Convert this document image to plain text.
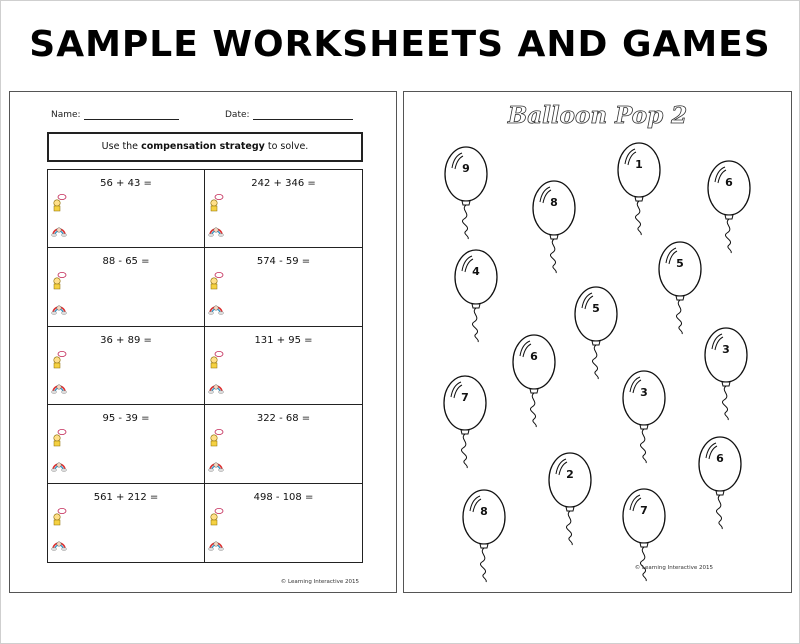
SAMPLE WORKSHEETS AND GAMES
Name:	Date:
Use the compensation strategy to solve.
56 + 43 =	242 + 346 =
88 - 65 =	574 - 59 =
36 + 89 =	131 + 95 =
95 - 39 =	322 - 68 =
561 + 212 =	498 - 108 =
© Learning Interactive 2015
Balloon Pop 2
9
8
1
6
4
5
5
6
3
7	3
2
6
8	7
© Learning Interactive 2015
